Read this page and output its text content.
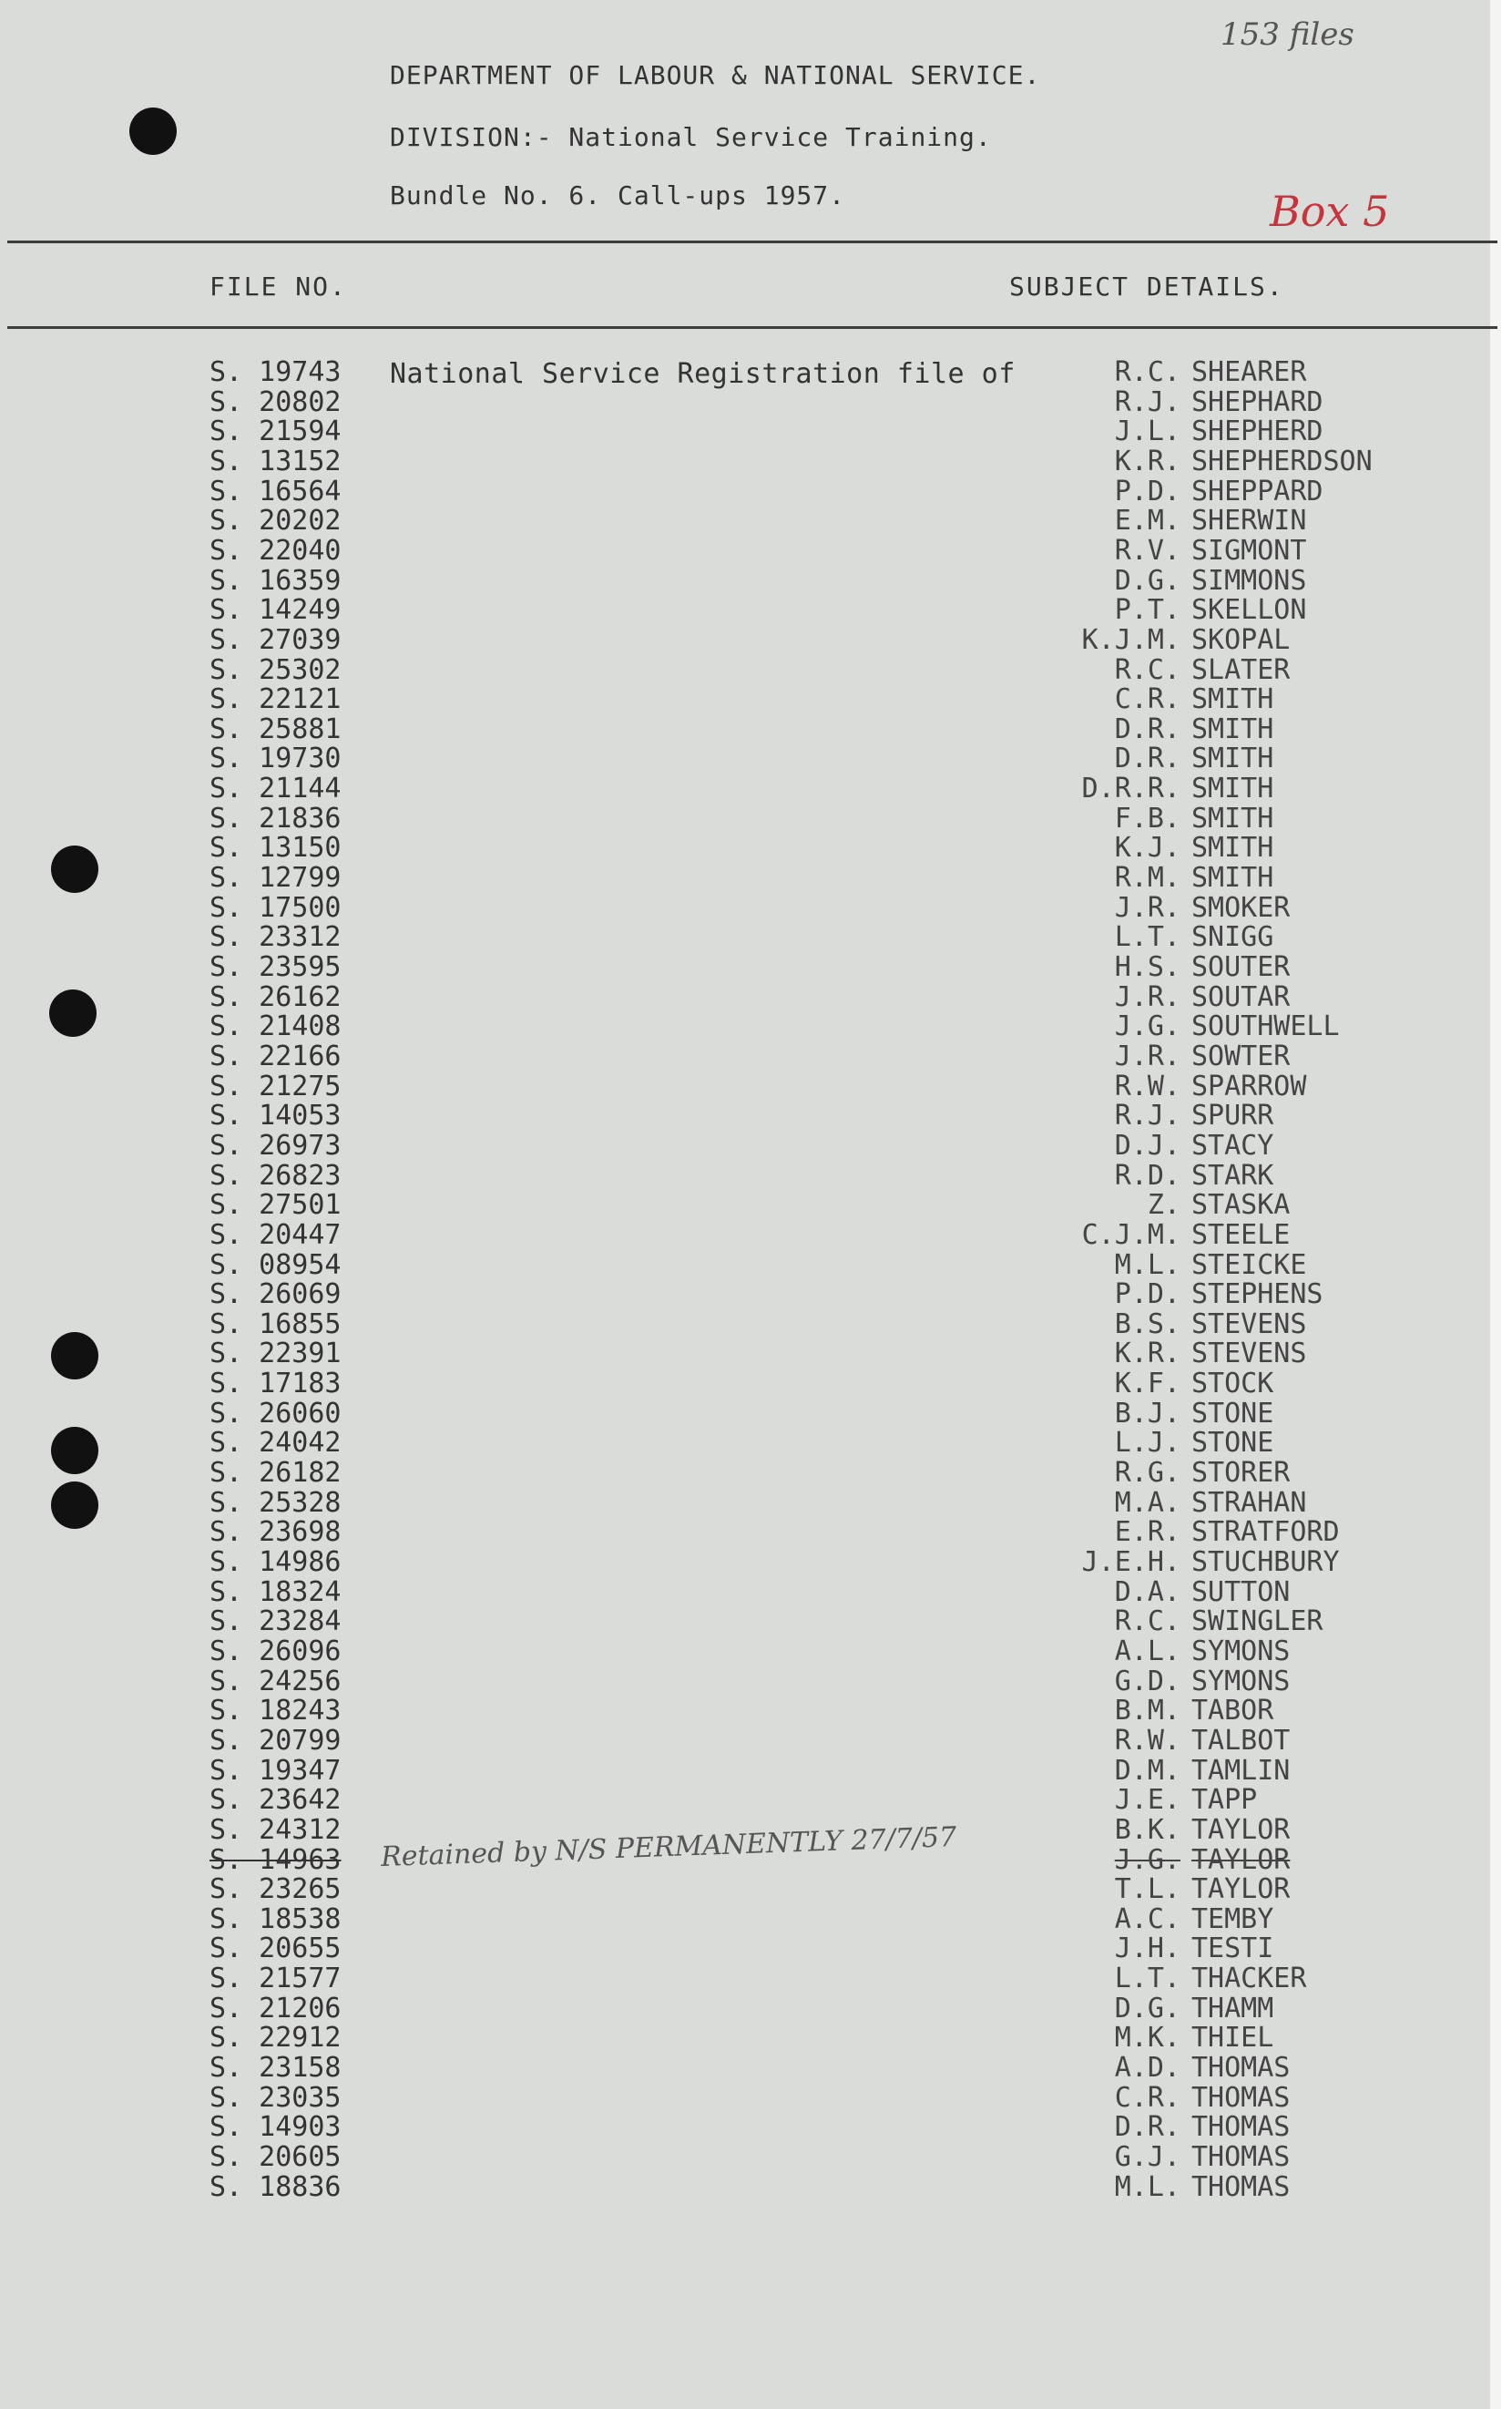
DEPARTMENT OF LABOUR & NATIONAL SERVICE.
DIVISION:- National Service Training.
Bundle No. 6. Call-ups 1957.
153 files
Box 5
FILE NO.	SUBJECT DETAILS.
National Service Registration file of
S. 19743	R.C. SHEARER
S. 20802	R.J. SHEPHARD
S. 21594	J.L. SHEPHERD
S. 13152	K.R. SHEPHERDSON
S. 16564	P.D. SHEPPARD
S. 20202	E.M. SHERWIN
S. 22040	R.V. SIGMONT
S. 16359	D.G. SIMMONS
S. 14249	P.T. SKELLON
S. 27039	K.J.M. SKOPAL
S. 25302	R.C. SLATER
S. 22121	C.R. SMITH
S. 25881	D.R. SMITH
S. 19730	D.R. SMITH
S. 21144	D.R.R. SMITH
S. 21836	F.B. SMITH
S. 13150	K.J. SMITH
S. 12799	R.M. SMITH
S. 17500	J.R. SMOKER
S. 23312	L.T. SNIGG
S. 23595	H.S. SOUTER
S. 26162	J.R. SOUTAR
S. 21408	J.G. SOUTHWELL
S. 22166	J.R. SOWTER
S. 21275	R.W. SPARROW
S. 14053	R.J. SPURR
S. 26973	D.J. STACY
S. 26823	R.D. STARK
S. 27501	Z. STASKA
S. 20447	C.J.M. STEELE
S. 08954	M.L. STEICKE
S. 26069	P.D. STEPHENS
S. 16855	B.S. STEVENS
S. 22391	K.R. STEVENS
S. 17183	K.F. STOCK
S. 26060	B.J. STONE
S. 24042	L.J. STONE
S. 26182	R.G. STORER
S. 25328	M.A. STRAHAN
S. 23698	E.R. STRATFORD
S. 14986	J.E.H. STUCHBURY
S. 18324	D.A. SUTTON
S. 23284	R.C. SWINGLER
S. 26096	A.L. SYMONS
S. 24256	G.D. SYMONS
S. 18243	B.M. TABOR
S. 20799	R.W. TALBOT
S. 19347	D.M. TAMLIN
S. 23642	J.E. TAPP
S. 24312	B.K. TAYLOR
S. 14963	J.G. TAYLOR
S. 23265	T.L. TAYLOR
S. 18538	A.C. TEMBY
S. 20655	J.H. TESTI
S. 21577	L.T. THACKER
S. 21206	D.G. THAMM
S. 22912	M.K. THIEL
S. 23158	A.D. THOMAS
S. 23035	C.R. THOMAS
S. 14903	D.R. THOMAS
S. 20605	G.J. THOMAS
S. 18836	M.L. THOMAS
Retained by N/S PERMANENTLY 27/7/57
